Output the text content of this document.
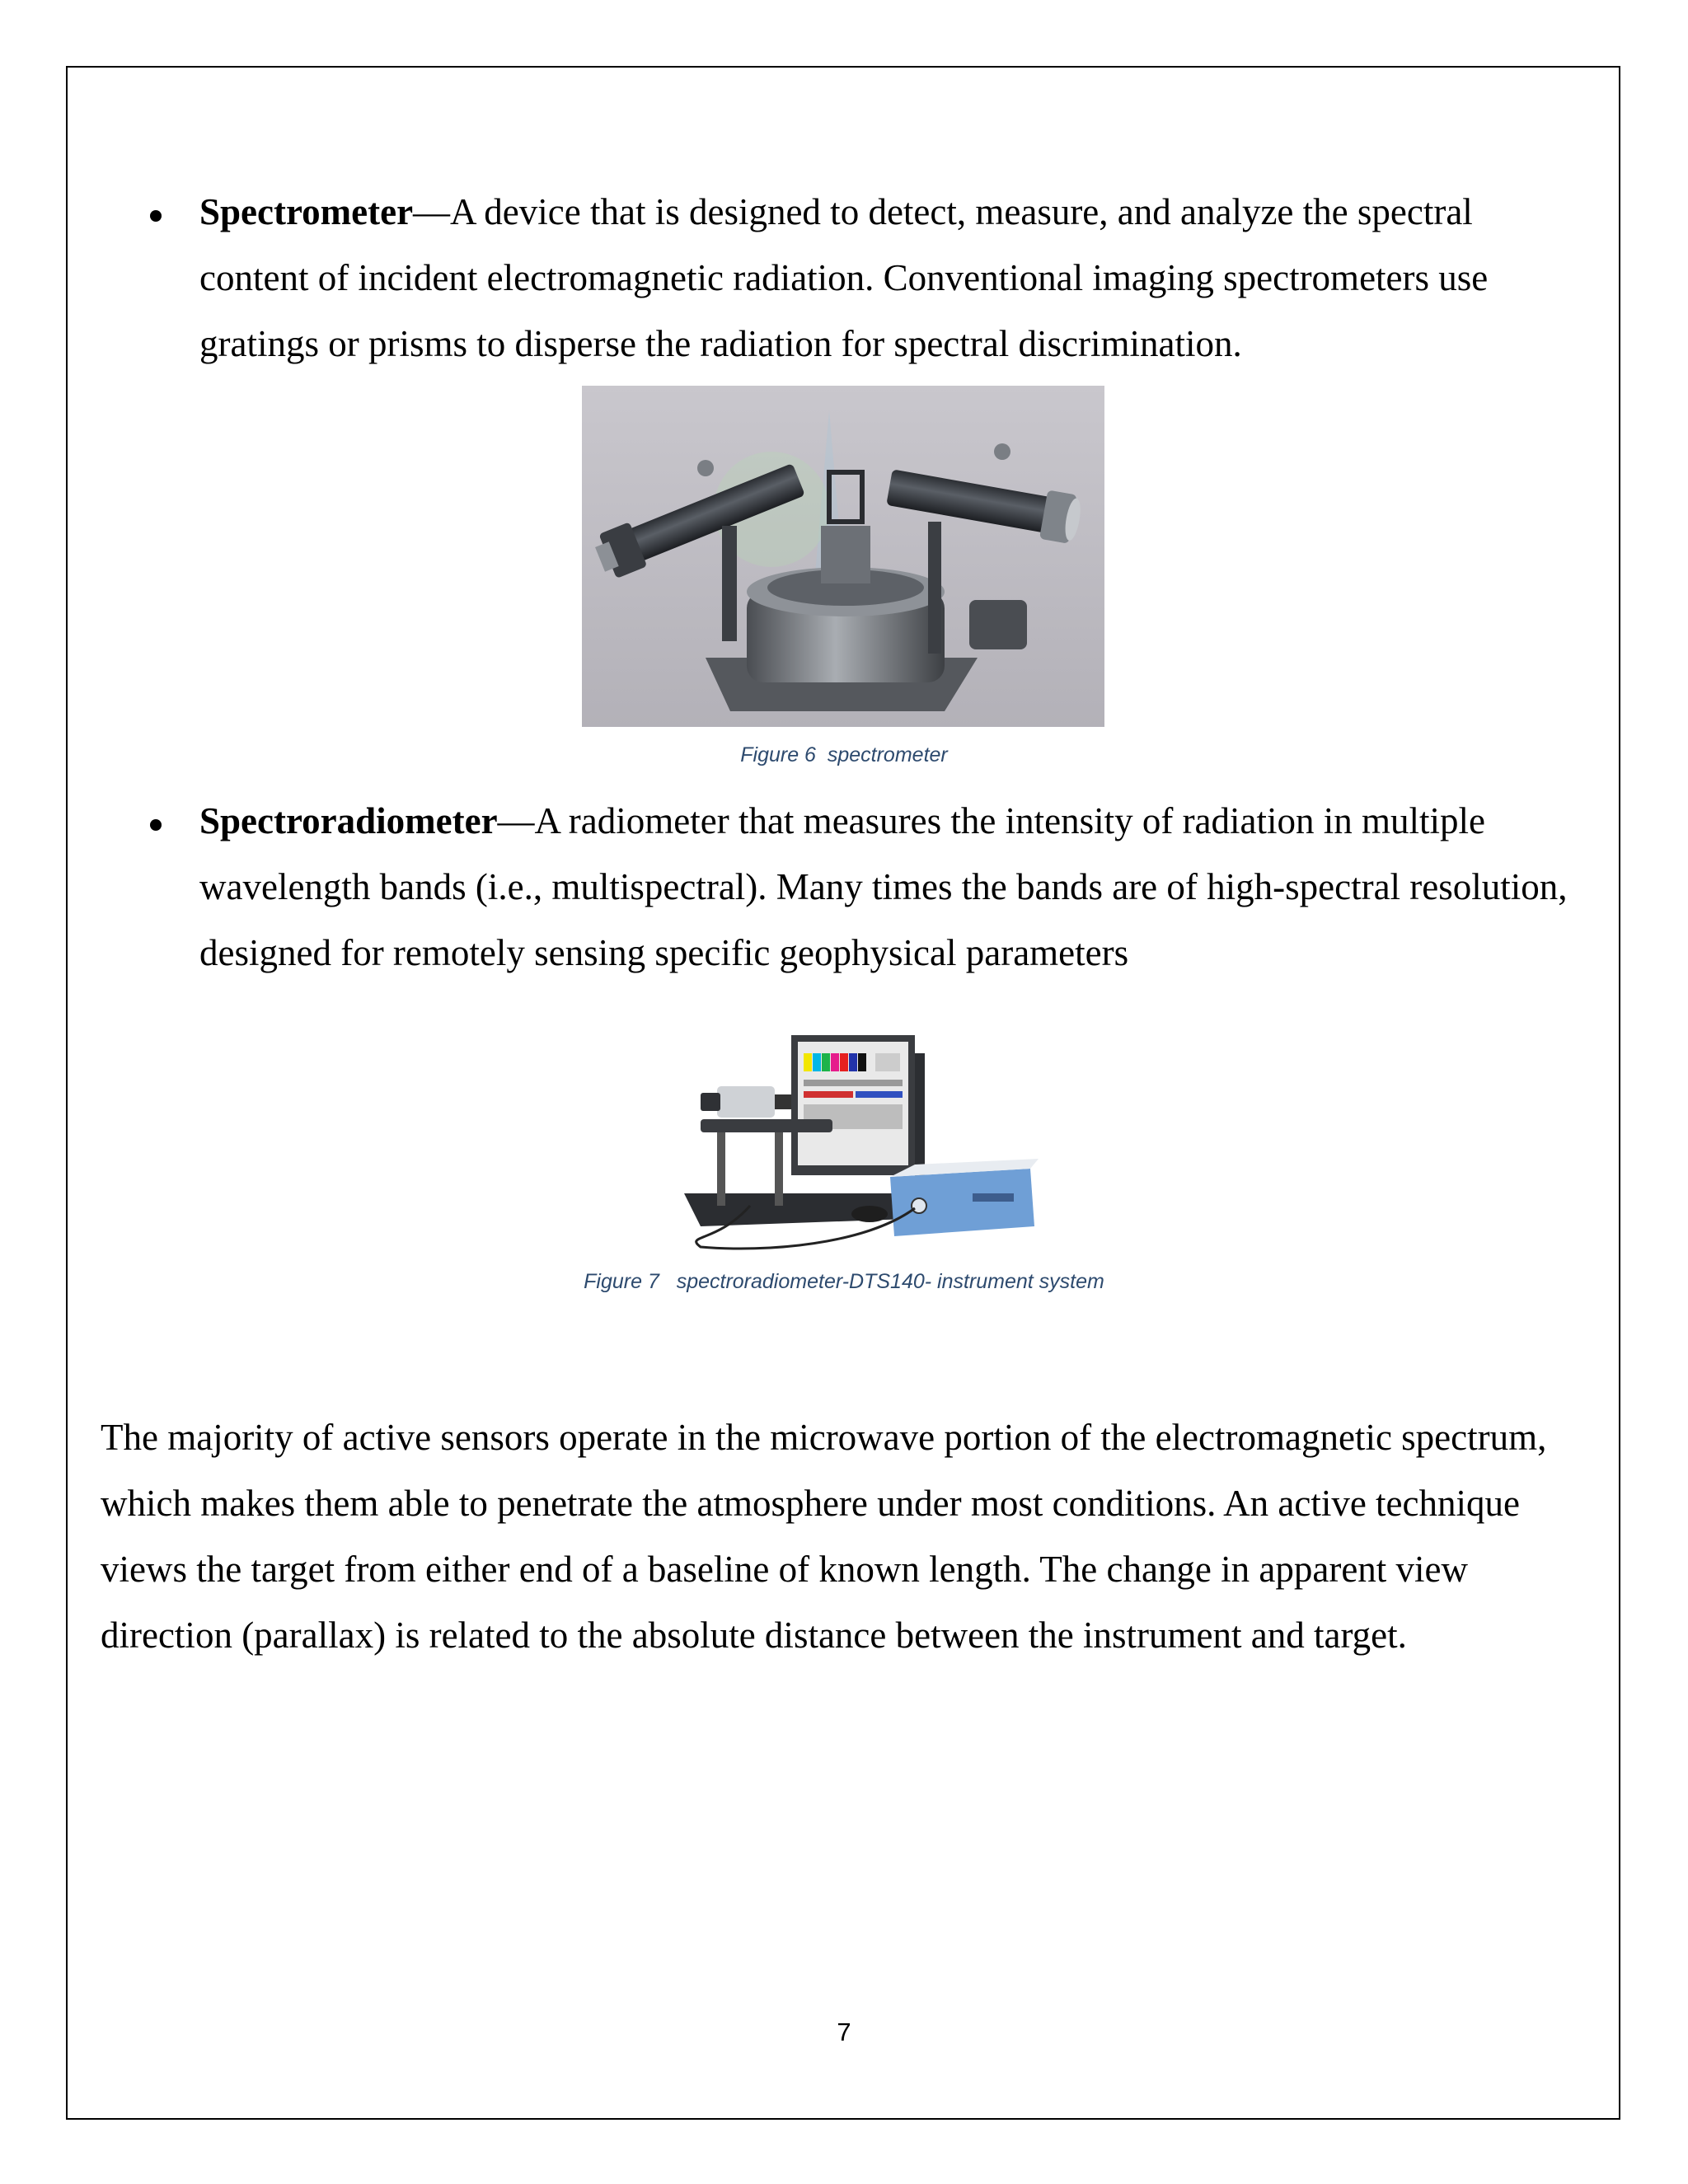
Spectrometer—A device that is designed to detect, measure, and analyze the spectral content of incident electromagnetic radiation. Conventional imaging spectrometers use gratings or prisms to disperse the radiation for spectral discrimination.
Figure 6  spectrometer
Spectroradiometer—A radiometer that measures the intensity of radiation in multiple wavelength bands (i.e., multispectral). Many times the bands are of high-spectral resolution, designed for remotely sensing specific geophysical parameters
Figure 7   spectroradiometer-DTS140- instrument system
The majority of active sensors operate in the microwave portion of the electromagnetic spectrum, which makes them able to penetrate the atmosphere under most conditions. An active technique views the target from either end of a baseline of known length. The change in apparent view direction (parallax) is related to the absolute distance between the instrument and target.
7
